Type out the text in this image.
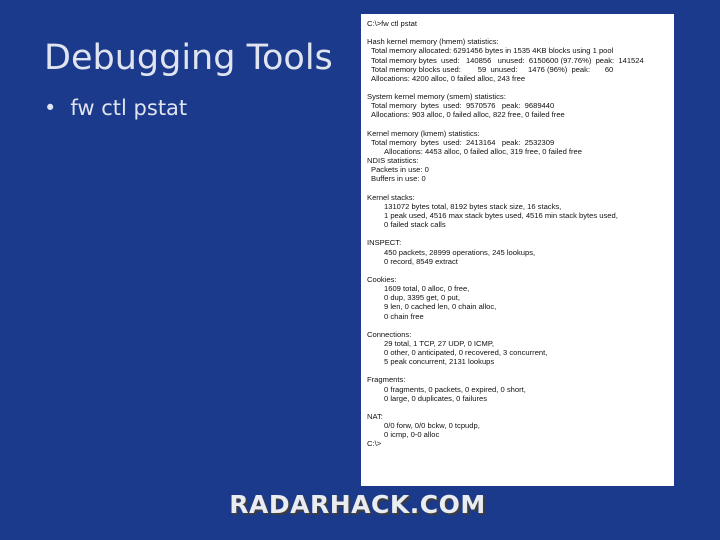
Debugging Tools
• fw ctl pstat
C:\>fw ctl pstat
Hash kernel memory (hmem) statistics:
Total memory allocated: 6291456 bytes in 1535 4KB blocks using 1 pool
Total memory bytes  used:   140856   unused:  6150600 (97.76%)  peak:  141524
Total memory blocks used:        59  unused:     1476 (96%)  peak:       60
Allocations: 4200 alloc, 0 failed alloc, 243 free
System kernel memory (smem) statistics:
Total memory  bytes  used:  9570576   peak:  9689440
Allocations: 903 alloc, 0 failed alloc, 822 free, 0 failed free
Kernel memory (kmem) statistics:
Total memory  bytes  used:  2413164   peak:  2532309
Allocations: 4453 alloc, 0 failed alloc, 319 free, 0 failed free
NDIS statistics:
Packets in use: 0
Buffers in use: 0
Kernel stacks:
131072 bytes total, 8192 bytes stack size, 16 stacks,
1 peak used, 4516 max stack bytes used, 4516 min stack bytes used,
0 failed stack calls
INSPECT:
450 packets, 28999 operations, 245 lookups,
0 record, 8549 extract
Cookies:
1609 total, 0 alloc, 0 free,
0 dup, 3395 get, 0 put,
9 len, 0 cached len, 0 chain alloc,
0 chain free
Connections:
29 total, 1 TCP, 27 UDP, 0 ICMP,
0 other, 0 anticipated, 0 recovered, 3 concurrent,
5 peak concurrent, 2131 lookups
Fragments:
0 fragments, 0 packets, 0 expired, 0 short,
0 large, 0 duplicates, 0 failures
NAT:
0/0 forw, 0/0 bckw, 0 tcpudp,
0 icmp, 0-0 alloc
C:\>
RADARHACK.COM
